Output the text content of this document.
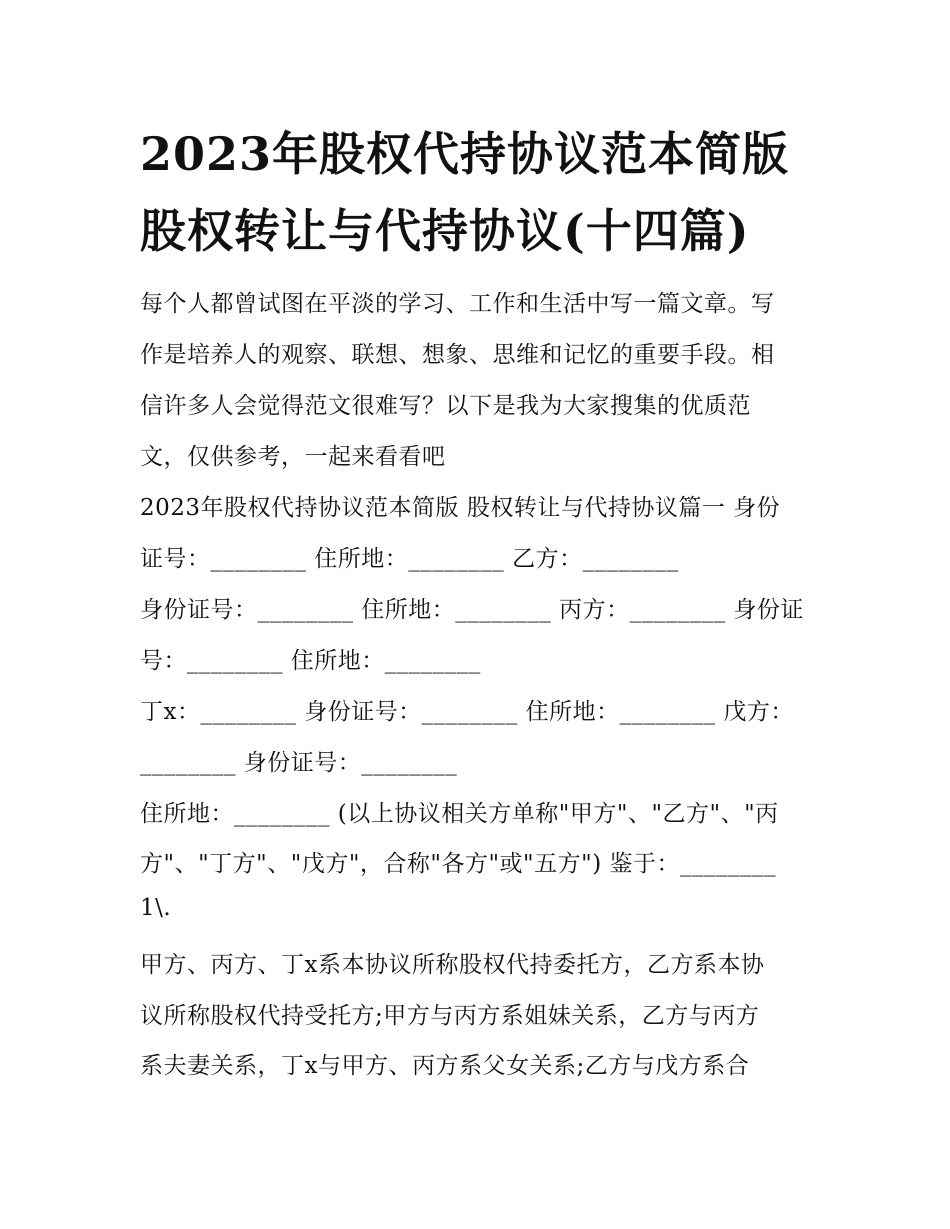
2023年股权代持协议范本简版
股权转让与代持协议(十四篇)
每个人都曾试图在平淡的学习、工作和生活中写一篇文章。写
作是培养人的观察、联想、想象、思维和记忆的重要手段。相
信许多人会觉得范文很难写？以下是我为大家搜集的优质范
文，仅供参考，一起来看看吧
2023年股权代持协议范本简版 股权转让与代持协议篇一 身份
证号：________ 住所地：________ 乙方：________
身份证号：________ 住所地：________ 丙方：________ 身份证
号：________ 住所地：________
丁x：________ 身份证号：________ 住所地：________ 戊方：
________ 身份证号：________
住所地：________ (以上协议相关方单称"甲方"、"乙方"、"丙
方"、"丁方"、"戊方"，合称"各方"或"五方") 鉴于：________
1\.
甲方、丙方、丁x系本协议所称股权代持委托方，乙方系本协
议所称股权代持受托方;甲方与丙方系姐妹关系，乙方与丙方
系夫妻关系，丁x与甲方、丙方系父女关系;乙方与戊方系合
